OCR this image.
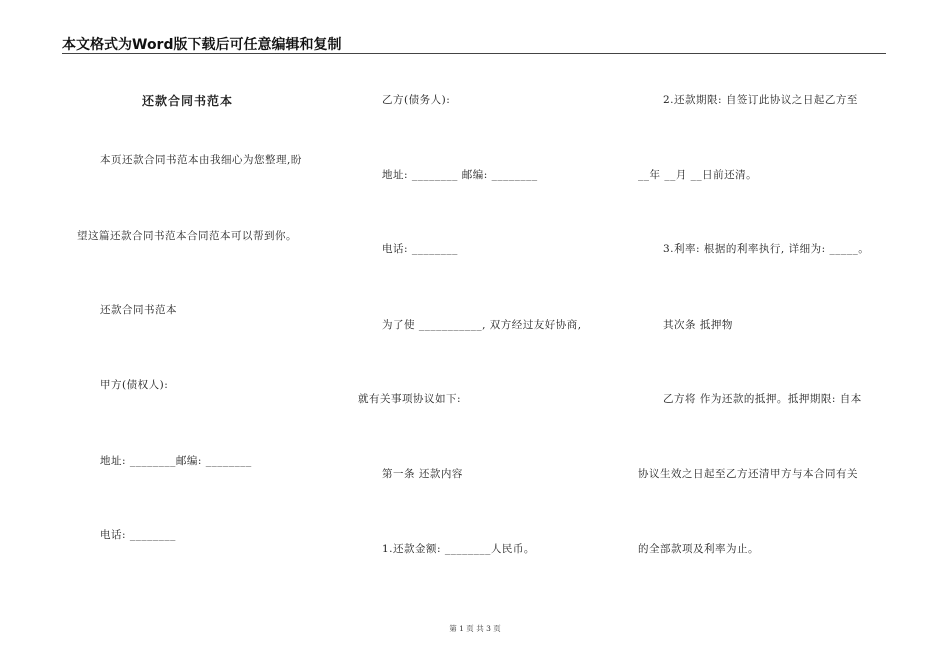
本文格式为Word版下载后可任意编辑和复制
还款合同书范本
本页还款合同书范本由我细心为您整理,盼
望这篇还款合同书范本合同范本可以帮到你。
还款合同书范本
甲方(债权人):
地址: ________邮编: ________
电话: ________
乙方(债务人):
地址: ________ 邮编: ________
电话: ________
为了使 ___________, 双方经过友好协商,
就有关事项协议如下:
第一条 还款内容
1.还款金额: ________人民币。
2.还款期限: 自签订此协议之日起乙方至
__年 __月 __日前还清。
3.利率: 根据的利率执行, 详细为: _____。
其次条 抵押物
乙方将 作为还款的抵押。抵押期限: 自本
协议生效之日起至乙方还清甲方与本合同有关
的全部款项及利率为止。
第 1 页 共 3 页
